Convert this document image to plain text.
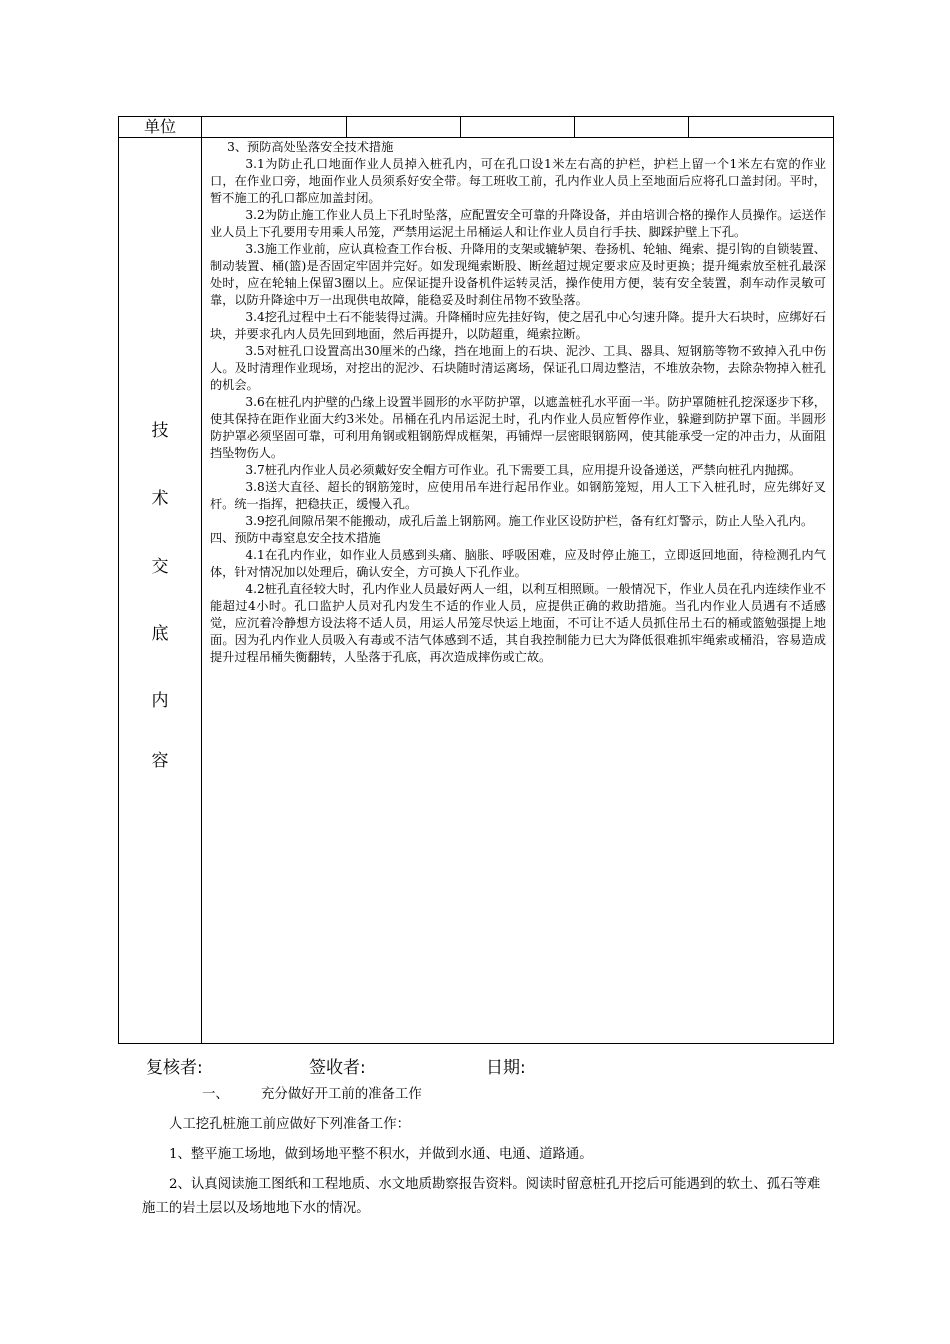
单位
技
术
交
底
内
容

3、预防高处坠落安全技术措施

3.1为防止孔口地面作业人员掉入桩孔内，可在孔口设1米左右高的护栏，护栏上留一个1米左右宽的作业口，在作业口旁，地面作业人员须系好安全带。每工班收工前，孔内作业人员上至地面后应将孔口盖封闭。平时，暂不施工的孔口都应加盖封闭。

3.2为防止施工作业人员上下孔时坠落，应配置安全可靠的升降设备，并由培训合格的操作人员操作。运送作业人员上下孔要用专用乘人吊笼，严禁用运泥土吊桶运人和让作业人员自行手扶、脚踩护壁上下孔。

3.3施工作业前，应认真检查工作台板、升降用的支架或辘轳架、卷扬机、轮轴、绳索、提引钩的自锁装置、制动装置、桶(篮)是否固定牢固并完好。如发现绳索断股、断丝超过规定要求应及时更换；提升绳索放至桩孔最深处时，应在轮轴上保留3圈以上。应保证提升设备机件运转灵活，操作使用方便，装有安全装置，刹车动作灵敏可靠，以防升降途中万一出现供电故障，能稳妥及时刹住吊物不致坠落。

3.4挖孔过程中土石不能装得过满。升降桶时应先挂好钩，使之居孔中心匀速升降。提升大石块时，应绑好石块，并要求孔内人员先回到地面，然后再提升，以防超重，绳索拉断。

3.5对桩孔口设置高出30厘米的凸缘，挡在地面上的石块、泥沙、工具、器具、短钢筋等物不致掉入孔中伤人。及时清理作业现场，对挖出的泥沙、石块随时清运离场，保证孔口周边整洁，不堆放杂物，去除杂物掉入桩孔的机会。

3.6在桩孔内护壁的凸缘上设置半圆形的水平防护罩，以遮盖桩孔水平面一半。防护罩随桩孔挖深逐步下移，使其保持在距作业面大约3米处。吊桶在孔内吊运泥土时，孔内作业人员应暂停作业，躲避到防护罩下面。半圆形防护罩必须坚固可靠，可利用角钢或粗钢筋焊成框架，再铺焊一层密眼钢筋网，使其能承受一定的冲击力，从面阻挡坠物伤人。

3.7桩孔内作业人员必须戴好安全帽方可作业。孔下需要工具，应用提升设备递送，严禁向桩孔内抛掷。

3.8送大直径、超长的钢筋笼时，应使用吊车进行起吊作业。如钢筋笼短，用人工下入桩孔时，应先绑好叉杆。统一指挥，把稳扶正，缓慢入孔。

3.9挖孔间隙吊架不能搬动，成孔后盖上钢筋网。施工作业区设防护栏，备有红灯警示，防止人坠入孔内。

四、预防中毒窒息安全技术措施

4.1在孔内作业，如作业人员感到头痛、脑胀、呼吸困难，应及时停止施工，立即返回地面，待检测孔内气体，针对情况加以处理后，确认安全，方可换人下孔作业。

4.2桩孔直径较大时，孔内作业人员最好两人一组，以利互相照顾。一般情况下，作业人员在孔内连续作业不能超过4小时。孔口监护人员对孔内发生不适的作业人员，应提供正确的救助措施。当孔内作业人员遇有不适感觉，应沉着冷静想方设法将不适人员，用运人吊笼尽快运上地面，不可让不适人员抓住吊土石的桶或篮勉强提上地面。因为孔内作业人员吸入有毒或不洁气体感到不适，其自我控制能力已大为降低很难抓牢绳索或桶沿，容易造成提升过程吊桶失衡翻转，人坠落于孔底，再次造成摔伤或亡故。

复核者:	签收者:	日期:

一、 充分做好开工前的准备工作

人工挖孔桩施工前应做好下列准备工作：

1、整平施工场地，做到场地平整不积水，并做到水通、电通、道路通。

2、认真阅读施工图纸和工程地质、水文地质勘察报告资料。阅读时留意桩孔开挖后可能遇到的软土、孤石等难施工的岩土层以及场地地下水的情况。
